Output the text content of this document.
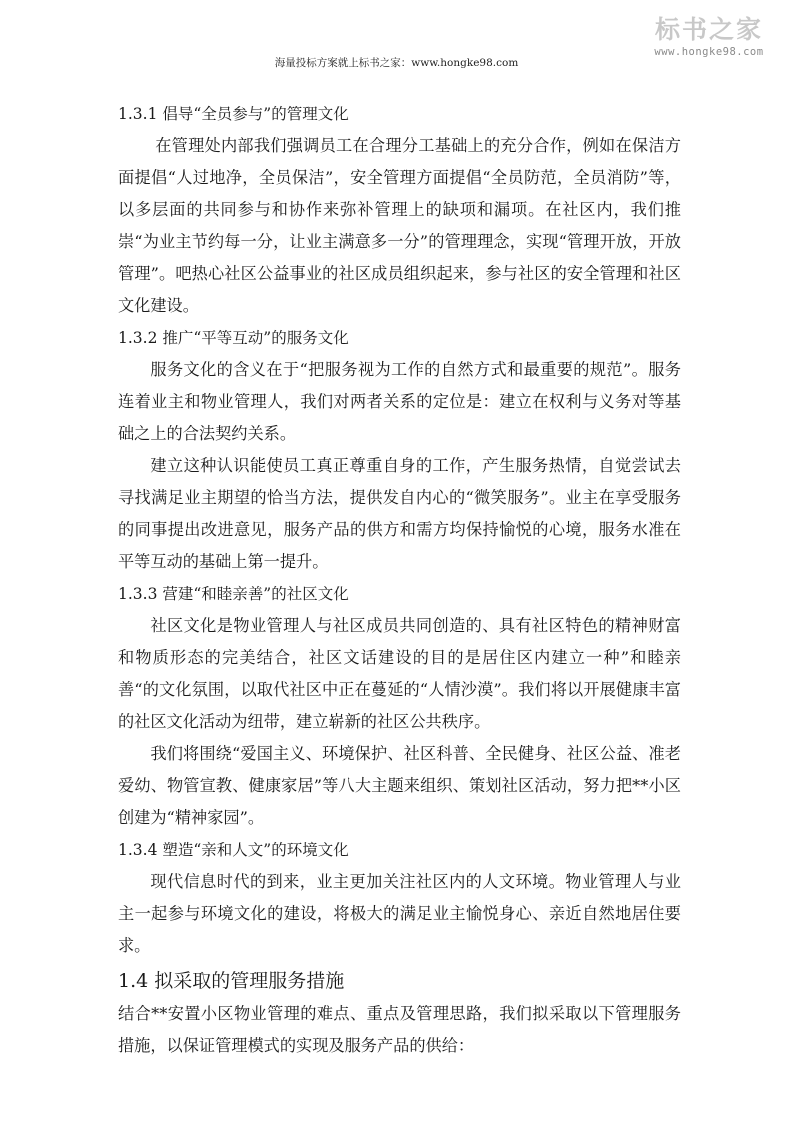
海量投标方案就上标书之家：www.hongke98.com
标书之家
www.hongke98.com
1.3.1 倡导“全员参与”的管理文化
在管理处内部我们强调员工在合理分工基础上的充分合作，例如在保洁方面提倡“人过地净，全员保洁”，安全管理方面提倡“全员防范，全员消防”等，以多层面的共同参与和协作来弥补管理上的缺项和漏项。在社区内，我们推崇“为业主节约每一分，让业主满意多一分”的管理理念，实现“管理开放，开放管理”。吧热心社区公益事业的社区成员组织起来，参与社区的安全管理和社区文化建设。
1.3.2 推广“平等互动”的服务文化
服务文化的含义在于“把服务视为工作的自然方式和最重要的规范”。服务连着业主和物业管理人，我们对两者关系的定位是：建立在权利与义务对等基础之上的合法契约关系。
建立这种认识能使员工真正尊重自身的工作，产生服务热情，自觉尝试去寻找满足业主期望的恰当方法，提供发自内心的“微笑服务”。业主在享受服务的同事提出改进意见，服务产品的供方和需方均保持愉悦的心境，服务水准在平等互动的基础上第一提升。
1.3.3 营建“和睦亲善”的社区文化
社区文化是物业管理人与社区成员共同创造的、具有社区特色的精神财富和物质形态的完美结合，社区文话建设的目的是居住区内建立一种”和睦亲善“的文化氛围，以取代社区中正在蔓延的“人情沙漠”。我们将以开展健康丰富的社区文化活动为纽带，建立崭新的社区公共秩序。
我们将围绕“爱国主义、环境保护、社区科普、全民健身、社区公益、准老爱幼、物管宣教、健康家居”等八大主题来组织、策划社区活动，努力把**小区创建为“精神家园”。
1.3.4 塑造“亲和人文”的环境文化
现代信息时代的到来，业主更加关注社区内的人文环境。物业管理人与业主一起参与环境文化的建设，将极大的满足业主愉悦身心、亲近自然地居住要求。
1.4 拟采取的管理服务措施
结合**安置小区物业管理的难点、重点及管理思路，我们拟采取以下管理服务措施，以保证管理模式的实现及服务产品的供给：
